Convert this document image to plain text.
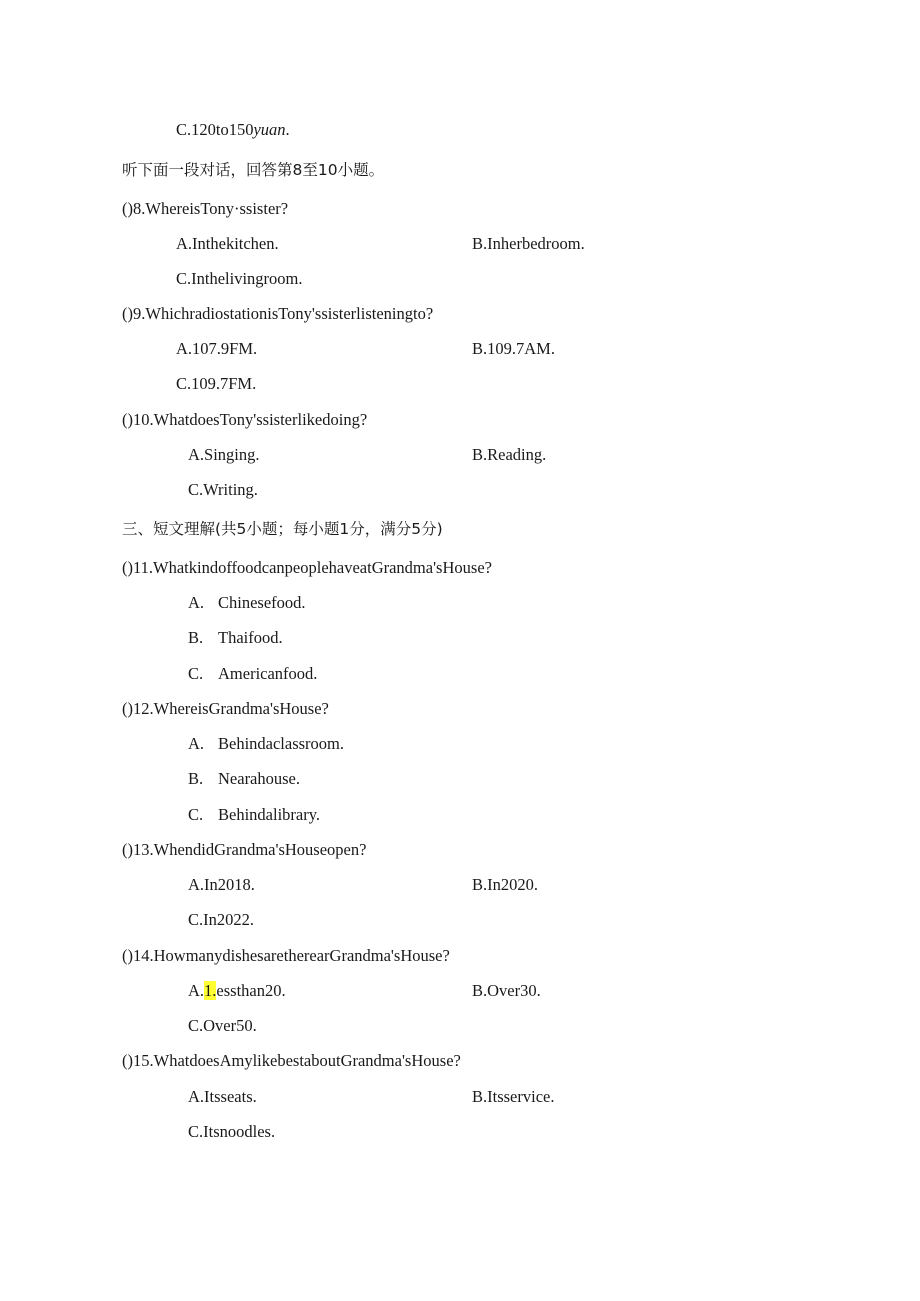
C.120to150yuan.
听下面一段对话，回答第8至10小题。
()8.WhereisTony·ssister?
A.Inthekitchen.	B.Inherbedroom.
C.Inthelivingroom.
()9.WhichradiostationisTony'ssisterlisteningto?
A.107.9FM.	B.109.7AM.
C.109.7FM.
()10.WhatdoesTony'ssisterlikedoing?
A.Singing.	B.Reading.
C.Writing.
三、短文理解(共5小题；每小题1分，满分5分)
()11.WhatkindoffoodcanpeoplehaveatGrandma'sHouse?
A. Chinesefood.
B. Thaifood.
C. Americanfood.
()12.WhereisGrandma'sHouse?
A. Behindaclassroom.
B. Nearahouse.
C. Behindalibrary.
()13.WhendidGrandma'sHouseopen?
A.In2018.	B.In2020.
C.In2022.
()14.HowmanydishesaretherearGrandma'sHouse?
A.1.essthan20.	B.Over30.
C.Over50.
()15.WhatdoesAmylikebestaboutGrandma'sHouse?
A.Itsseats.	B.Itsservice.
C.Itsnoodles.
